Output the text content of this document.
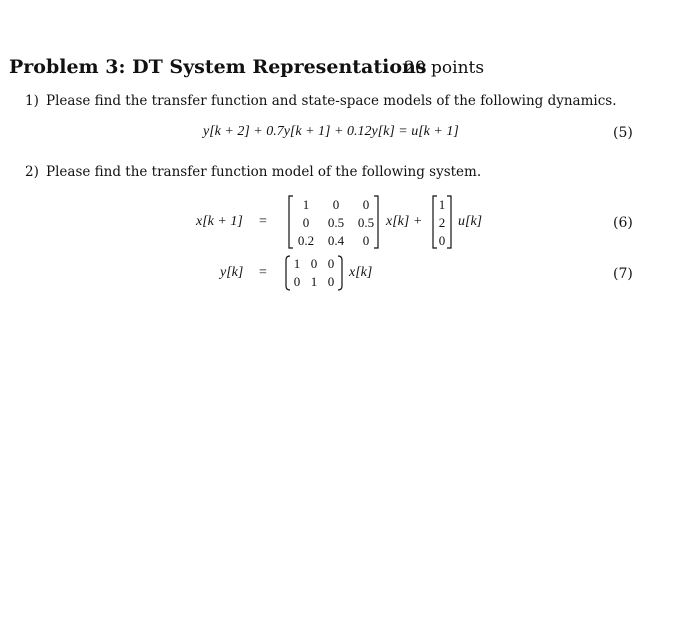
Problem 3: DT System Representations
20 points
1) Please find the transfer function and state-space models of the following dynamics.
y[k + 2] + 0.7y[k + 1] + 0.12y[k] = u[k + 1]	(5)
2) Please find the transfer function model of the following system.
x[k + 1] =
1	0	0
0	0.5	0.5
0.2	0.4	0
x[k] +
1
2
0
u[k]	(6)
y[k] =
1 0 0
0 1 0
x[k]	(7)
